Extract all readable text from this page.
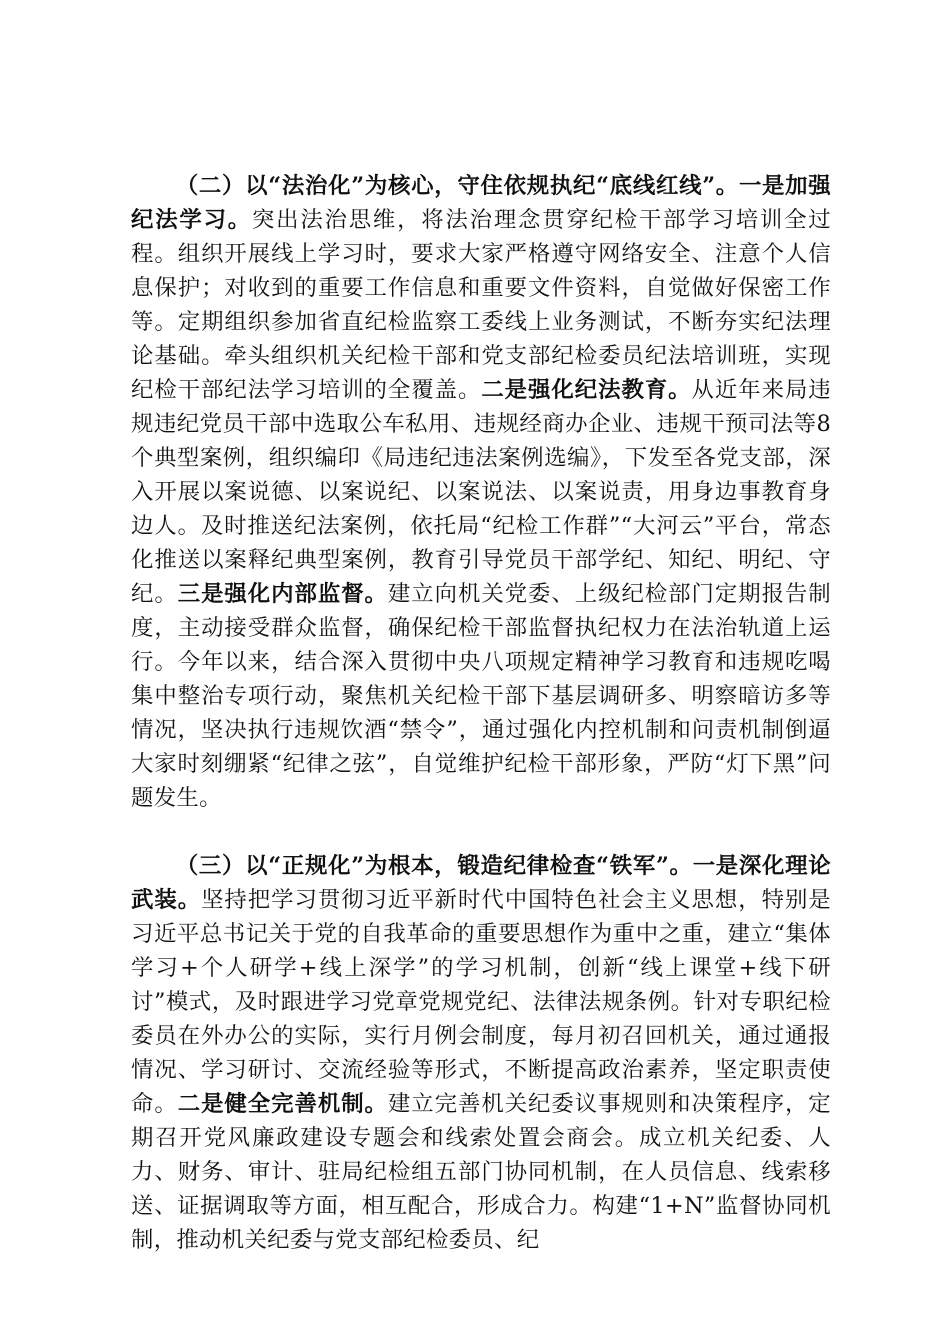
（二）以“法治化”为核心，守住依规执纪“底线红线”。一是加强纪法学习。突出法治思维，将法治理念贯穿纪检干部学习培训全过程。组织开展线上学习时，要求大家严格遵守网络安全、注意个人信息保护；对收到的重要工作信息和重要文件资料，自觉做好保密工作等。定期组织参加省直纪检监察工委线上业务测试，不断夯实纪法理论基础。牵头组织机关纪检干部和党支部纪检委员纪法培训班，实现纪检干部纪法学习培训的全覆盖。二是强化纪法教育。从近年来局违规违纪党员干部中选取公车私用、违规经商办企业、违规干预司法等8个典型案例，组织编印《局违纪违法案例选编》，下发至各党支部，深入开展以案说德、以案说纪、以案说法、以案说责，用身边事教育身边人。及时推送纪法案例，依托局“纪检工作群”“大河云”平台，常态化推送以案释纪典型案例，教育引导党员干部学纪、知纪、明纪、守纪。三是强化内部监督。建立向机关党委、上级纪检部门定期报告制度，主动接受群众监督，确保纪检干部监督执纪权力在法治轨道上运行。今年以来，结合深入贯彻中央八项规定精神学习教育和违规吃喝集中整治专项行动，聚焦机关纪检干部下基层调研多、明察暗访多等情况，坚决执行违规饮酒“禁令”，通过强化内控机制和问责机制倒逼大家时刻绷紧“纪律之弦”，自觉维护纪检干部形象，严防“灯下黑”问题发生。

（三）以“正规化”为根本，锻造纪律检查“铁军”。一是深化理论武装。坚持把学习贯彻习近平新时代中国特色社会主义思想，特别是习近平总书记关于党的自我革命的重要思想作为重中之重，建立“集体学习+个人研学+线上深学”的学习机制，创新“线上课堂+线下研讨”模式，及时跟进学习党章党规党纪、法律法规条例。针对专职纪检委员在外办公的实际，实行月例会制度，每月初召回机关，通过通报情况、学习研讨、交流经验等形式，不断提高政治素养，坚定职责使命。二是健全完善机制。建立完善机关纪委议事规则和决策程序，定期召开党风廉政建设专题会和线索处置会商会。成立机关纪委、人力、财务、审计、驻局纪检组五部门协同机制，在人员信息、线索移送、证据调取等方面，相互配合，形成合力。构建“1+N”监督协同机制，推动机关纪委与党支部纪检委员、纪
